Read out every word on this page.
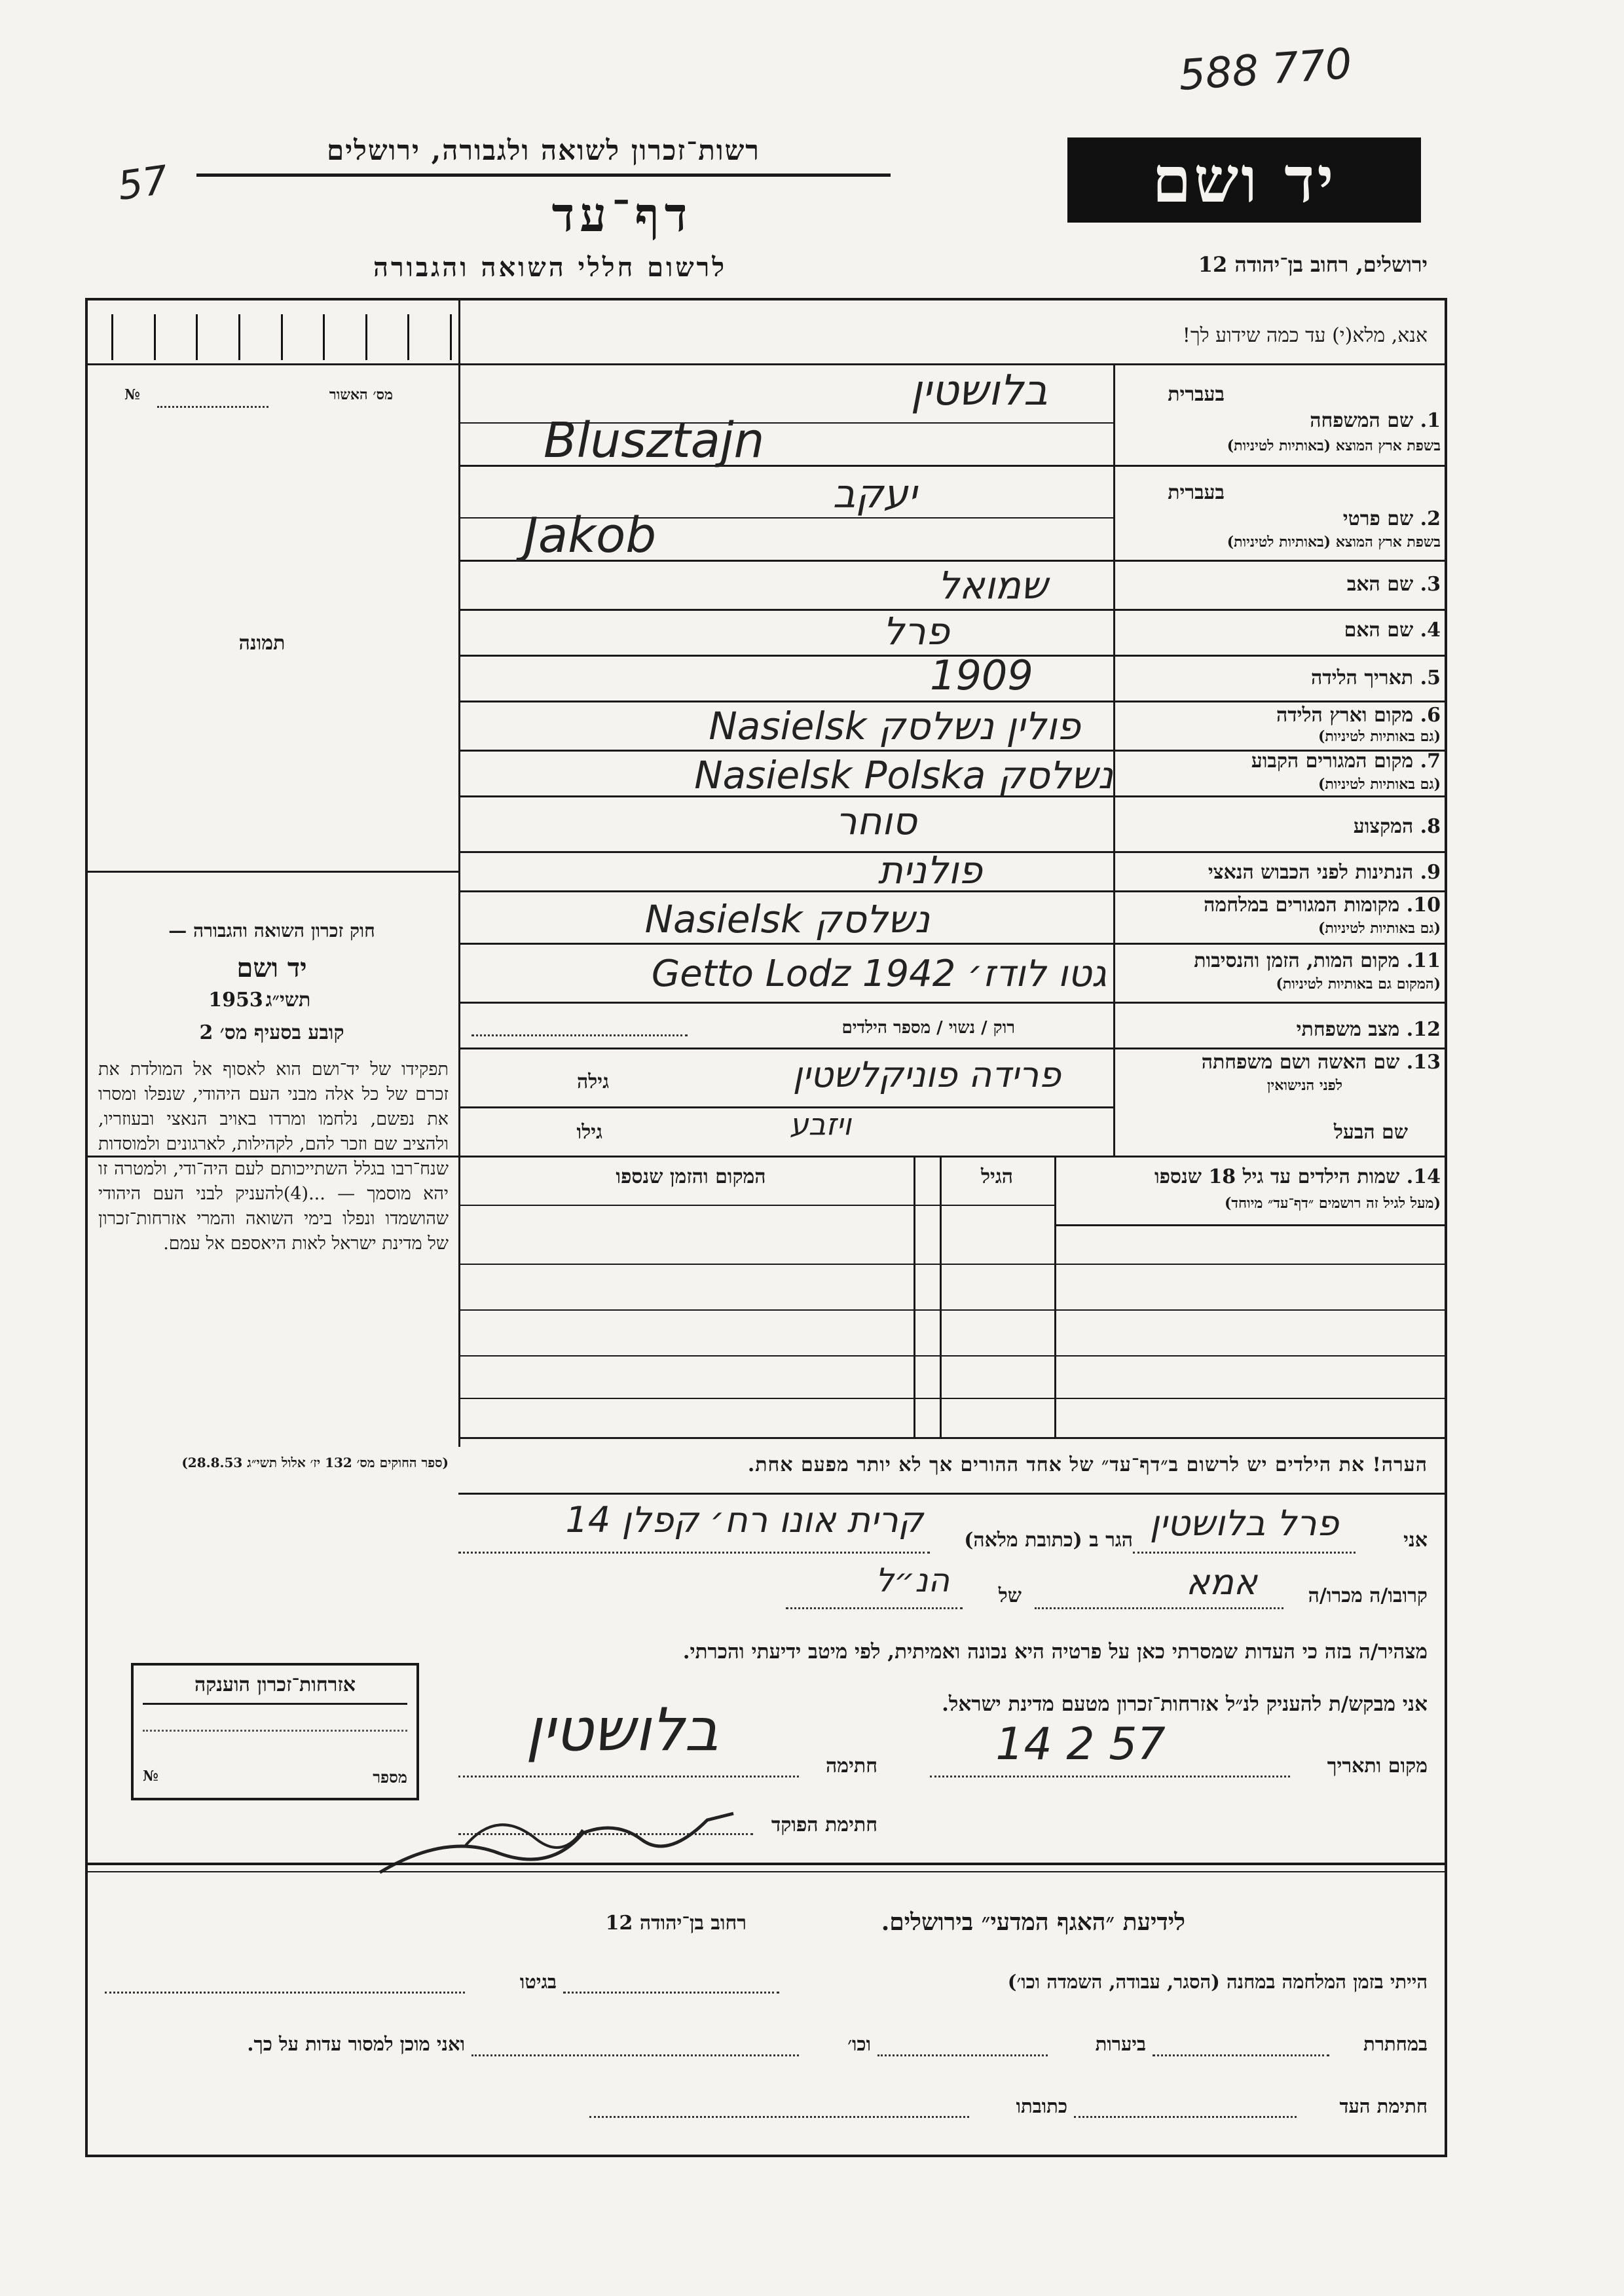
588 770
57
רשות־זכרון לשואה ולגבורה, ירושלים
דף־עד
לרשום חללי השואה והגבורה
יד ושם
ירושלים, רחוב בן־יהודה 12
מס׳ האשור
№
תמונה
אנא, מלא(י) עד כמה שידוע לך!
חוק זכרון השואה והגבורה —
יד ושם
תשי״ג
1953
קובע בסעיף מס׳ 2
תפקידו של יד־ושם הוא לאסוף אל המולדת את זכרם של כל אלה מבני העם היהודי, שנפלו ומסרו את נפשם, נלחמו ומרדו באויב הנאצי ובעוזריו, ולהציב שם וזכר להם, לקהילות, לארגונים ולמוסדות שנח־רבו בגלל השתייכותם לעם היה־ודי, ולמטרה זו יהא מוסמך — ...(4)להעניק לבני העם היהודי שהושמדו ונפלו בימי השואה והמרי אזרחות־זכרון של מדינת ישראל לאות היאספם אל עמם.
(ספר החוקים מס׳ 132 יז׳ אלול תשי״ג 28.8.53)
בעברית
1. שם המשפחה
בשפת ארץ המוצא (באותיות לטיניות)
בלושטין
Blusztajn
בעברית
2. שם פרטי
בשפת ארץ המוצא (באותיות לטיניות)
יעקב
Jakob
3. שם האב
שמואל
4. שם האם
פרל
5. תאריך הלידה
1909
6. מקום וארץ הלידה
(גם באותיות לטיניות)
פולין נשלסק Nasielsk
7. מקום המגורים הקבוע
(גם באותיות לטיניות)
נשלסק Nasielsk Polska
8. המקצוע
סוחר
9. הנתינות לפני הכבוש הנאצי
פולנית
10. מקומות המגורים במלחמה
(גם באותיות לטיניות)
נשלסק Nasielsk
11. מקום המות, הזמן והנסיבות
(המקום גם באותיות לטיניות)
גטו לודז׳ 1942 Getto Lodz
12. מצב משפחתי
רוק / נשוי / מספר הילדים
13. שם האשה ושם משפחתה
לפני הנישואין
פרידה פוניקלשטין
גילה
שם הבעל
ויזבע
גילו
14. שמות הילדים עד גיל 18 שנספו
(מעל לגיל זה רושמים ״דף־עד״ מיוחד)
הגיל
המקום והזמן שנספו
הערה! את הילדים יש לרשום ב״דף־עד״ של אחד ההורים אך לא יותר מפעם אחת.
אני
פרל בלושטין
הגר ב (כתובת מלאה)
קרית אונו רח׳ קפלן 14
קרובו/ה מכרו/ה
אמא
של
הנ״ל
מצהיר/ה בזה כי העדות שמסרתי כאן על פרטיה היא נכונה ואמיתית, לפי מיטב ידיעתי והכרתי.
אני מבקש/ת להעניק לנ״ל אזרחות־זכרון מטעם מדינת ישראל.
מקום ותאריך
14 2 57
חתימה
בלושטין
חתימת הפוקד
אזרחות־זכרון הוענקה
№	מספר
לידיעת ״האגף המדעי״ בירושלים.
רחוב בן־יהודה 12
הייתי בזמן המלחמה במחנה (הסגר, עבודה, השמדה וכו׳)
בגיטו
במחתרת
ביערות
וכו׳
ואני מוכן למסור עדות על כך.
חתימת העד
כתובתו
